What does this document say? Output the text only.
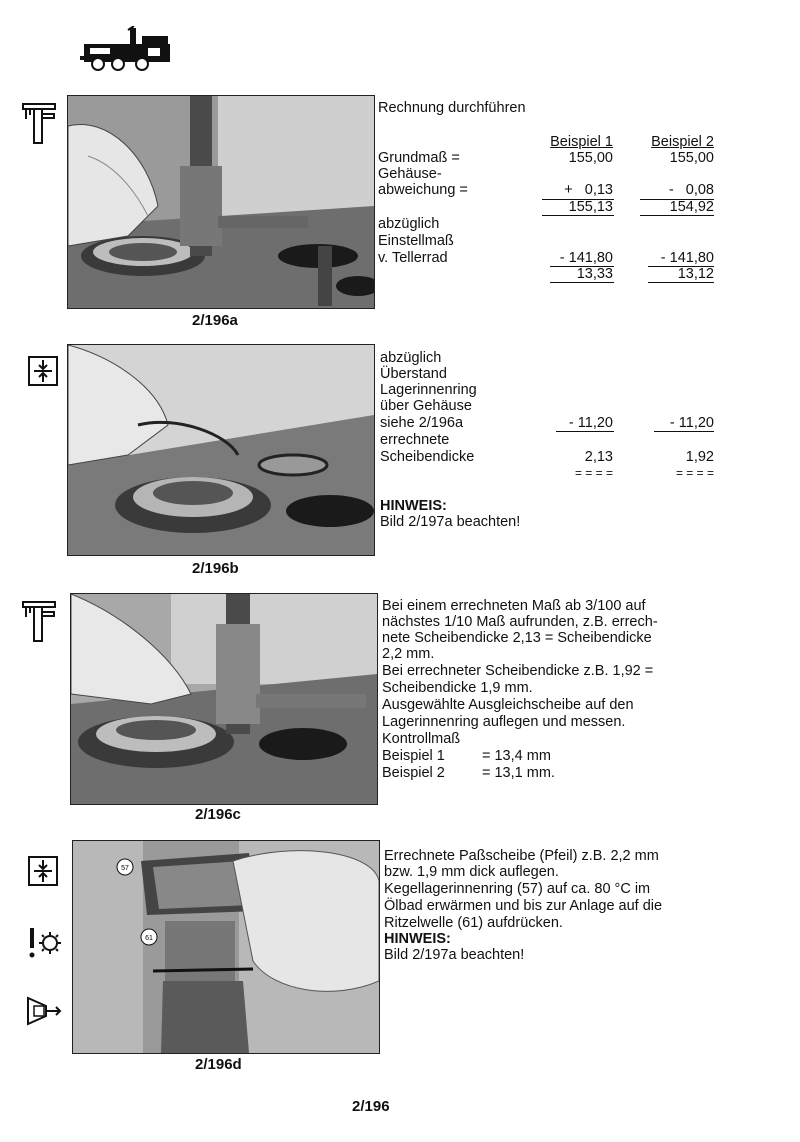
2/196a
Rechnung durchführen
Beispiel 1	Beispiel 2
Grundmaß =	155,00	155,00
Gehäuse-
abweichung =	+   0,13	-   0,08
155,13	154,92
abzüglich
Einstellmaß
v. Tellerrad	- 141,80	- 141,80
13,33	13,12
2/196b
abzüglich
Überstand
Lagerinnenring
über Gehäuse
siehe 2/196a	- 11,20	- 11,20
errechnete
Scheibendicke	2,13	1,92
= = = =	= = = =
HINWEIS:
Bild 2/197a beachten!
2/196c
Bei einem errechneten Maß ab 3/100 auf
nächstes 1/10 Maß aufrunden, z.B. errech-
nete Scheibendicke 2,13 = Scheibendicke
2,2 mm.
Bei errechneter Scheibendicke z.B. 1,92 =
Scheibendicke 1,9 mm.
Ausgewählte Ausgleichscheibe auf den
Lagerinnenring auflegen und messen.
Kontrollmaß
Beispiel 1	= 13,4 mm
Beispiel 2	= 13,1 mm.
57
61
2/196d
Errechnete Paßscheibe (Pfeil) z.B. 2,2 mm
bzw. 1,9 mm dick auflegen.
Kegellagerinnenring (57) auf ca. 80 °C im
Ölbad erwärmen und bis zur Anlage auf die
Ritzelwelle (61) aufdrücken.
HINWEIS:
Bild 2/197a beachten!
2/196
